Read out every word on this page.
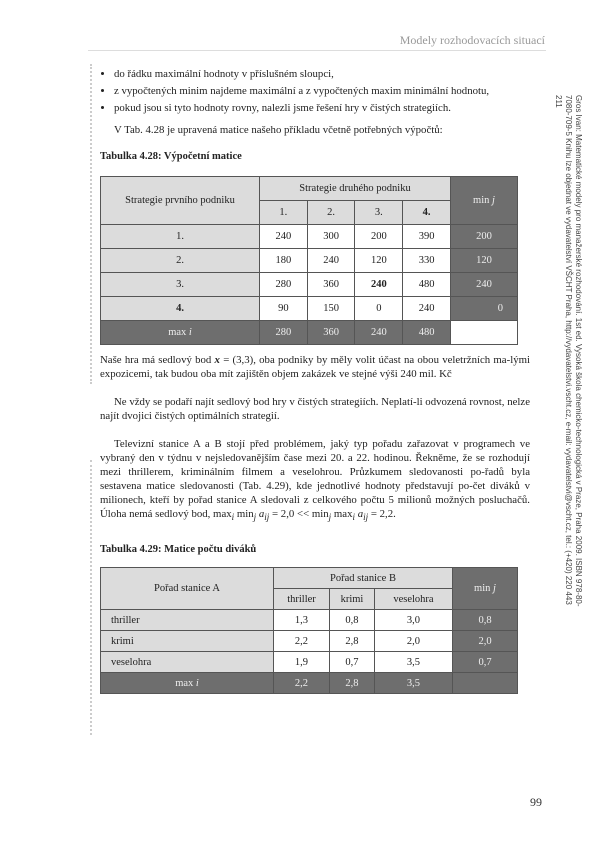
Modely rozhodovacích situací
Gros Ivan: Matematické modely pro manažerské rozhodování. 1st ed. Vysoká škola chemicko-technologická v Praze, Praha 2009. ISBN 978-80-7080-709-5 Knihu lze objednat ve vydavatelství VŠCHT Praha, http://vydavatelstvi.vscht.cz, e-mail: vydavatelstvi@vscht.cz, tel.: (+420) 220 443 211
• do řádku maximální hodnoty v příslušném sloupci,
• z vypočtených minim najdeme maximální a z vypočtených maxim minimální hodnotu,
• pokud jsou si tyto hodnoty rovny, nalezli jsme řešení hry v čistých strategiích.

V Tab. 4.28 je upravená matice našeho příkladu včetně potřebných výpočtů:

Tabulka 4.28: Výpočetní matice
Strategie prvního podniku	Strategie druhého podniku				min j
	1.	2.	3.	4.	
1.	240	300	200	390	200
2.	180	240	120	330	120
3.	280	360	240	480	240
4.	90	150	0	240	0
max i	280	360	240	480	

Naše hra má sedlový bod x = (3,3), oba podniky by měly volit účast na obou veletržních ma-lými expozicemi, tak budou oba mít zajištěn objem zakázek ve stejné výši 240 mil. Kč

Ne vždy se podaří najít sedlový bod hry v čistých strategiích. Neplatí-li odvozená rovnost, nelze najít dvojici čistých optimálních strategií.

Televizní stanice A a B stojí před problémem, jaký typ pořadu zařazovat v programech ve vybraný den v týdnu v nejsledovanějším čase mezi 20. a 22. hodinou. Řekněme, že se rozhodují mezi thrillerem, kriminálním filmem a veselohrou. Průzkumem sledovanosti po-řadů byla sestavena matice sledovanosti (Tab. 4.29), kde jednotlivé hodnoty představují po-čet diváků v milionech, kteří by pořad stanice A sledovali z celkového počtu 5 milionů možných posluchačů. Úloha nemá sedlový bod, $\max_i \min_j a_{ij} = 2,0 << \min_j \max_i a_{ij} = 2,2$.

Tabulka 4.29: Matice počtu diváků
Pořad stanice A	Pořad stanice B			min j
	thriller	krimi	veselohra	
thriller	1,3	0,8	3,0	0,8
krimi	2,2	2,8	2,0	2,0
veselohra	1,9	0,7	3,5	0,7
max i	2,2	2,8	3,5	
99
